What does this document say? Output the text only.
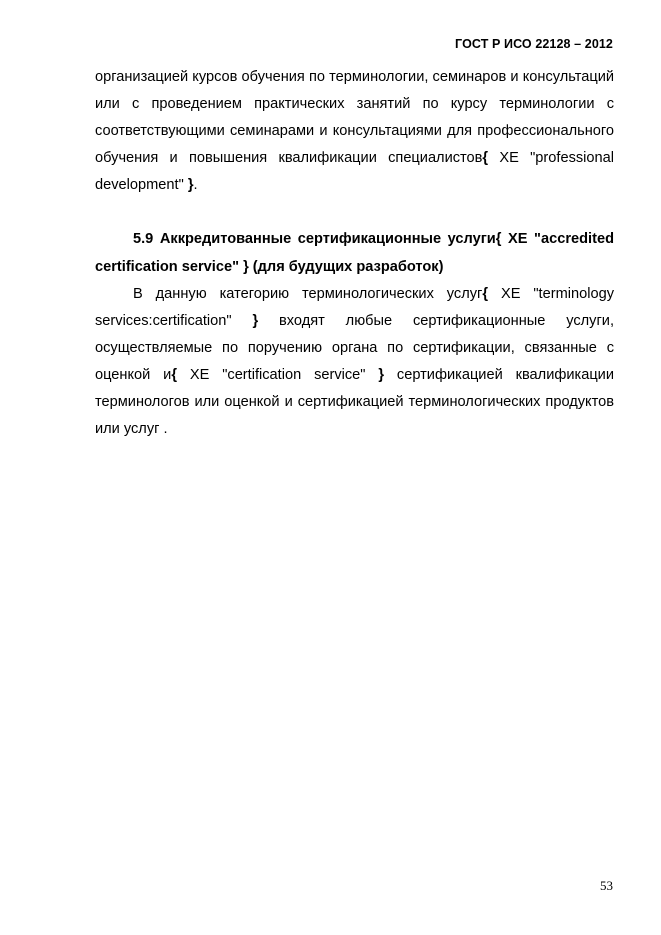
ГОСТ Р ИСО 22128 – 2012

организацией курсов обучения по терминологии, семинаров и консультаций или с проведением практических занятий по курсу терминологии с соответствующими семинарами и консультациями для профессионального обучения и повышения квалификации специалистов{ XE "professional development" }.

5.9 Аккредитованные сертификационные услуги{ XE "accredited certification service" } (для будущих разработок)

В данную категорию терминологических услуг{ XE "terminology services:certification" } входят любые сертификационные услуги, осуществляемые по поручению органа по сертификации, связанные с оценкой и{ XE "certification service" } сертификацией квалификации терминологов или оценкой и сертификацией терминологических продуктов или услуг .

53
